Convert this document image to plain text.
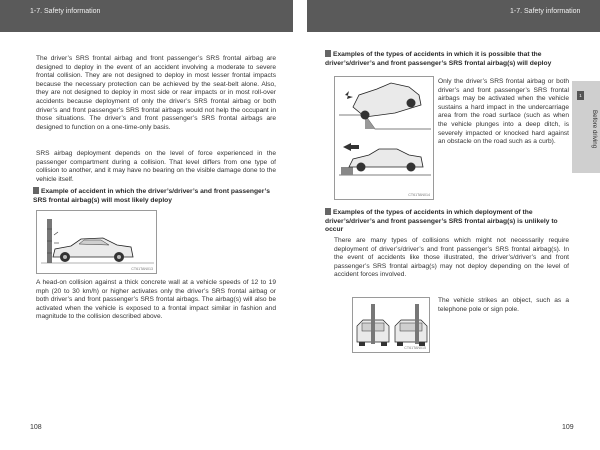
1-7. Safety information	1-7. Safety information

The driver’s SRS frontal airbag and front passenger’s SRS frontal airbag are designed to deploy in the event of an accident involving a moderate to severe frontal collision. They are not designed to deploy in most lesser frontal impacts because the necessary protection can be achieved by the seat-belt alone. Also, they are not designed to deploy in most side or rear impacts or in most roll-over accidents because deployment of only the driver’s SRS frontal airbag or both driver’s and front passenger’s SRS frontal airbags would not help the occupant in those situations. The driver’s and front passenger’s SRS frontal airbags are designed to function on a one-time-only basis.

SRS airbag deployment depends on the level of force experienced in the passenger compartment during a collision. That level differs from one type of collision to another, and it may have no bearing on the visible damage done to the vehicle itself.

Example of accident in which the driver’s/driver’s and front passenger’s SRS frontal airbag(s) will most likely deploy
CT61TAN013

A head-on collision against a thick concrete wall at a vehicle speeds of 12 to 19 mph (20 to 30 km/h) or higher activates only the driver’s SRS frontal airbag or both driver’s and front passenger’s SRS frontal airbags. The airbag(s) will also be activated when the vehicle is exposed to a frontal impact similar in fashion and magnitude to the collision described above.

108
Examples of the types of accidents in which it is possible that the driver’s/driver’s and front passenger’s SRS frontal airbag(s) will deploy
CT61TAN014

Only the driver’s SRS frontal airbag or both driver’s and front passenger’s SRS frontal airbags may be activated when the vehicle sustains a hard impact in the undercarriage area from the road surface (such as when the vehicle plunges into a deep ditch, is severely impacted or knocked hard against an obstacle on the road such as a curb).

Examples of the types of accidents in which deployment of the driver’s/driver’s and front passenger’s SRS frontal airbag(s) is unlikely to occur

There are many types of collisions which might not necessarily require deployment of driver’s/driver’s and front passenger’s SRS frontal airbag(s). In the event of accidents like those illustrated, the driver’s/driver’s and front passenger’s SRS frontal airbag(s) may not deploy depending on the level of accident forces involved.

CT61TAN015

The vehicle strikes an object, such as a telephone pole or sign pole.

109
1
Before driving
